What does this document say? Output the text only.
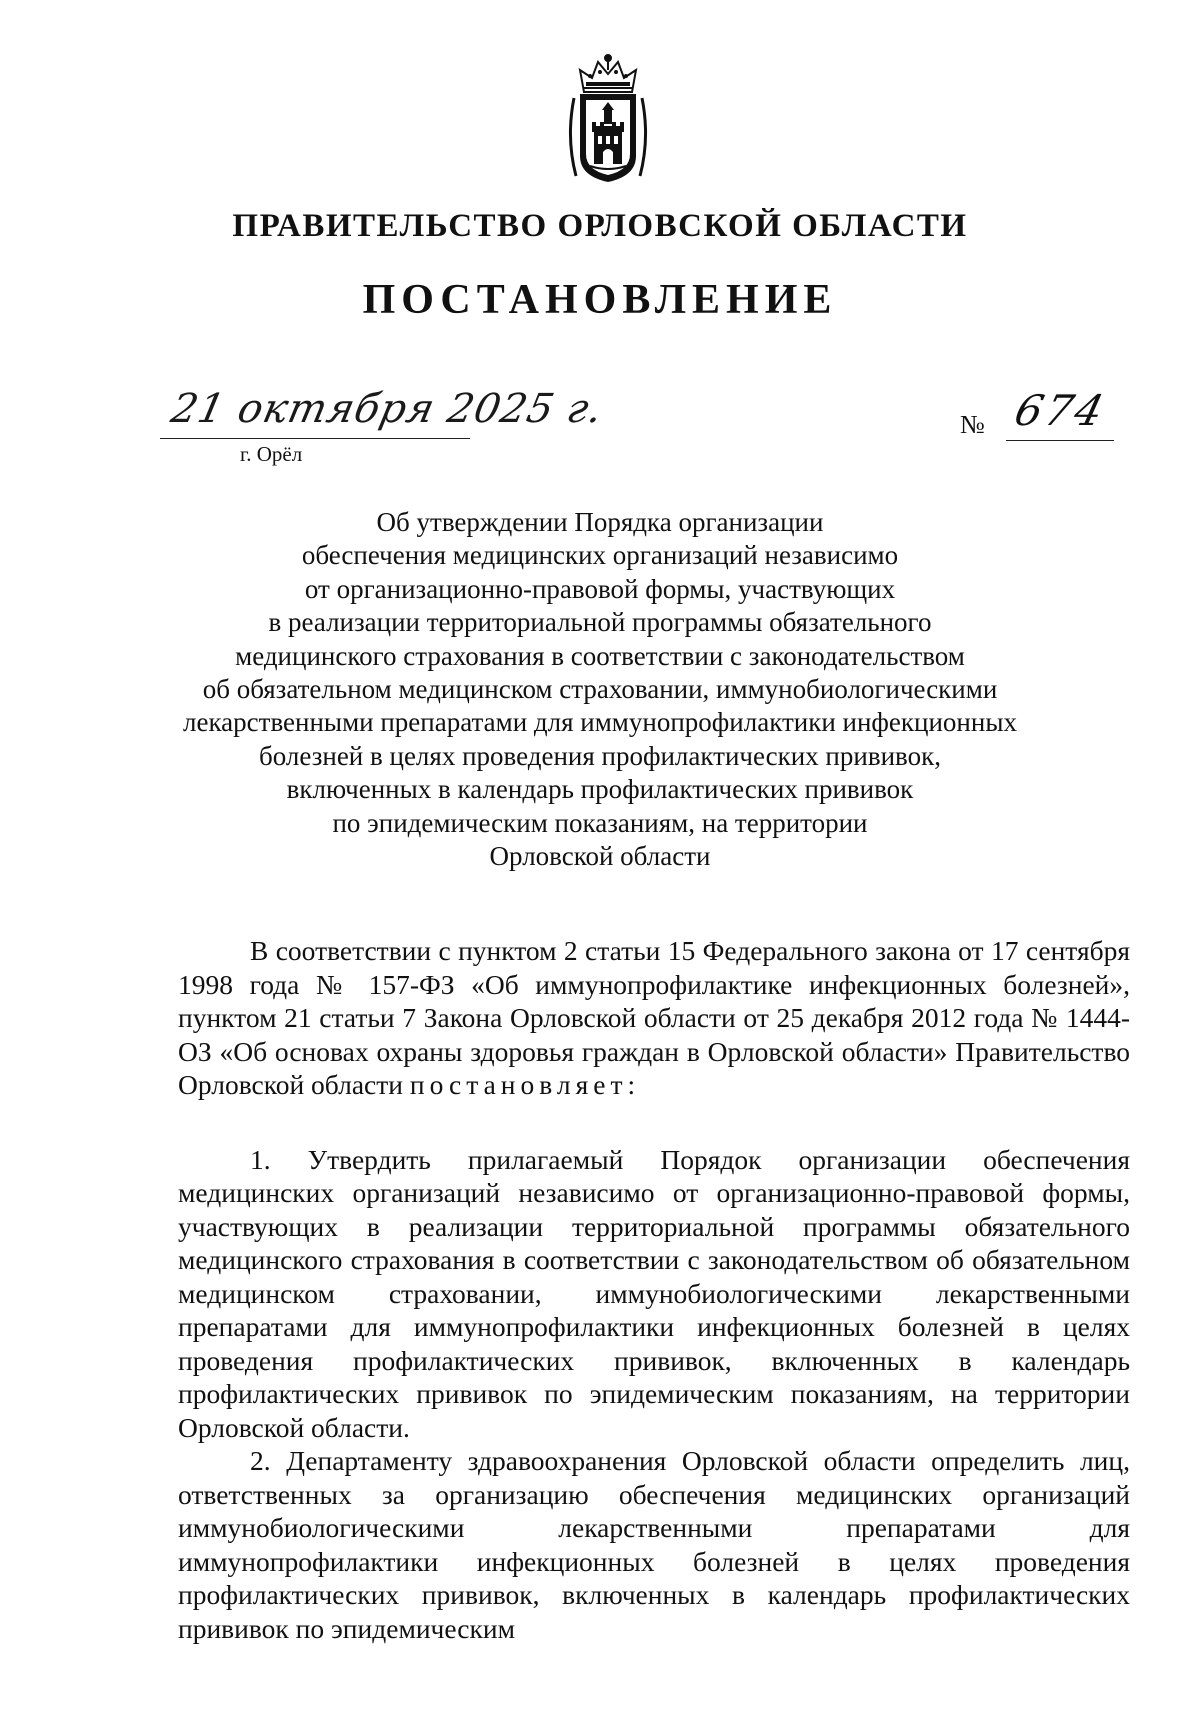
ПРАВИТЕЛЬСТВО ОРЛОВСКОЙ ОБЛАСТИ
ПОСТАНОВЛЕНИЕ
21 октября 2025 г.
г. Орёл
№ 674
Об утверждении Порядка организации
обеспечения медицинских организаций независимо
от организационно-правовой формы, участвующих
в реализации территориальной программы обязательного
медицинского страхования в соответствии с законодательством
об обязательном медицинском страховании, иммунобиологическими
лекарственными препаратами для иммунопрофилактики инфекционных
болезней в целях проведения профилактических прививок,
включенных в календарь профилактических прививок
по эпидемическим показаниям, на территории
Орловской области

В соответствии с пунктом 2 статьи 15 Федерального закона от 17 сентября 1998 года № 157-ФЗ «Об иммунопрофилактике инфекционных болезней», пунктом 21 статьи 7 Закона Орловской области от 25 декабря 2012 года № 1444-ОЗ «Об основах охраны здоровья граждан в Орловской области» Правительство Орловской области постановляет:

1. Утвердить прилагаемый Порядок организации обеспечения медицинских организаций независимо от организационно-правовой формы, участвующих в реализации территориальной программы обязательного медицинского страхования в соответствии с законодательством об обязательном медицинском страховании, иммунобиологическими лекарственными препаратами для иммунопрофилактики инфекционных болезней в целях проведения профилактических прививок, включенных в календарь профилактических прививок по эпидемическим показаниям, на территории Орловской области.

2. Департаменту здравоохранения Орловской области определить лиц, ответственных за организацию обеспечения медицинских организаций иммунобиологическими лекарственными препаратами для иммунопрофилактики инфекционных болезней в целях проведения профилактических прививок, включенных в календарь профилактических прививок по эпидемическим
